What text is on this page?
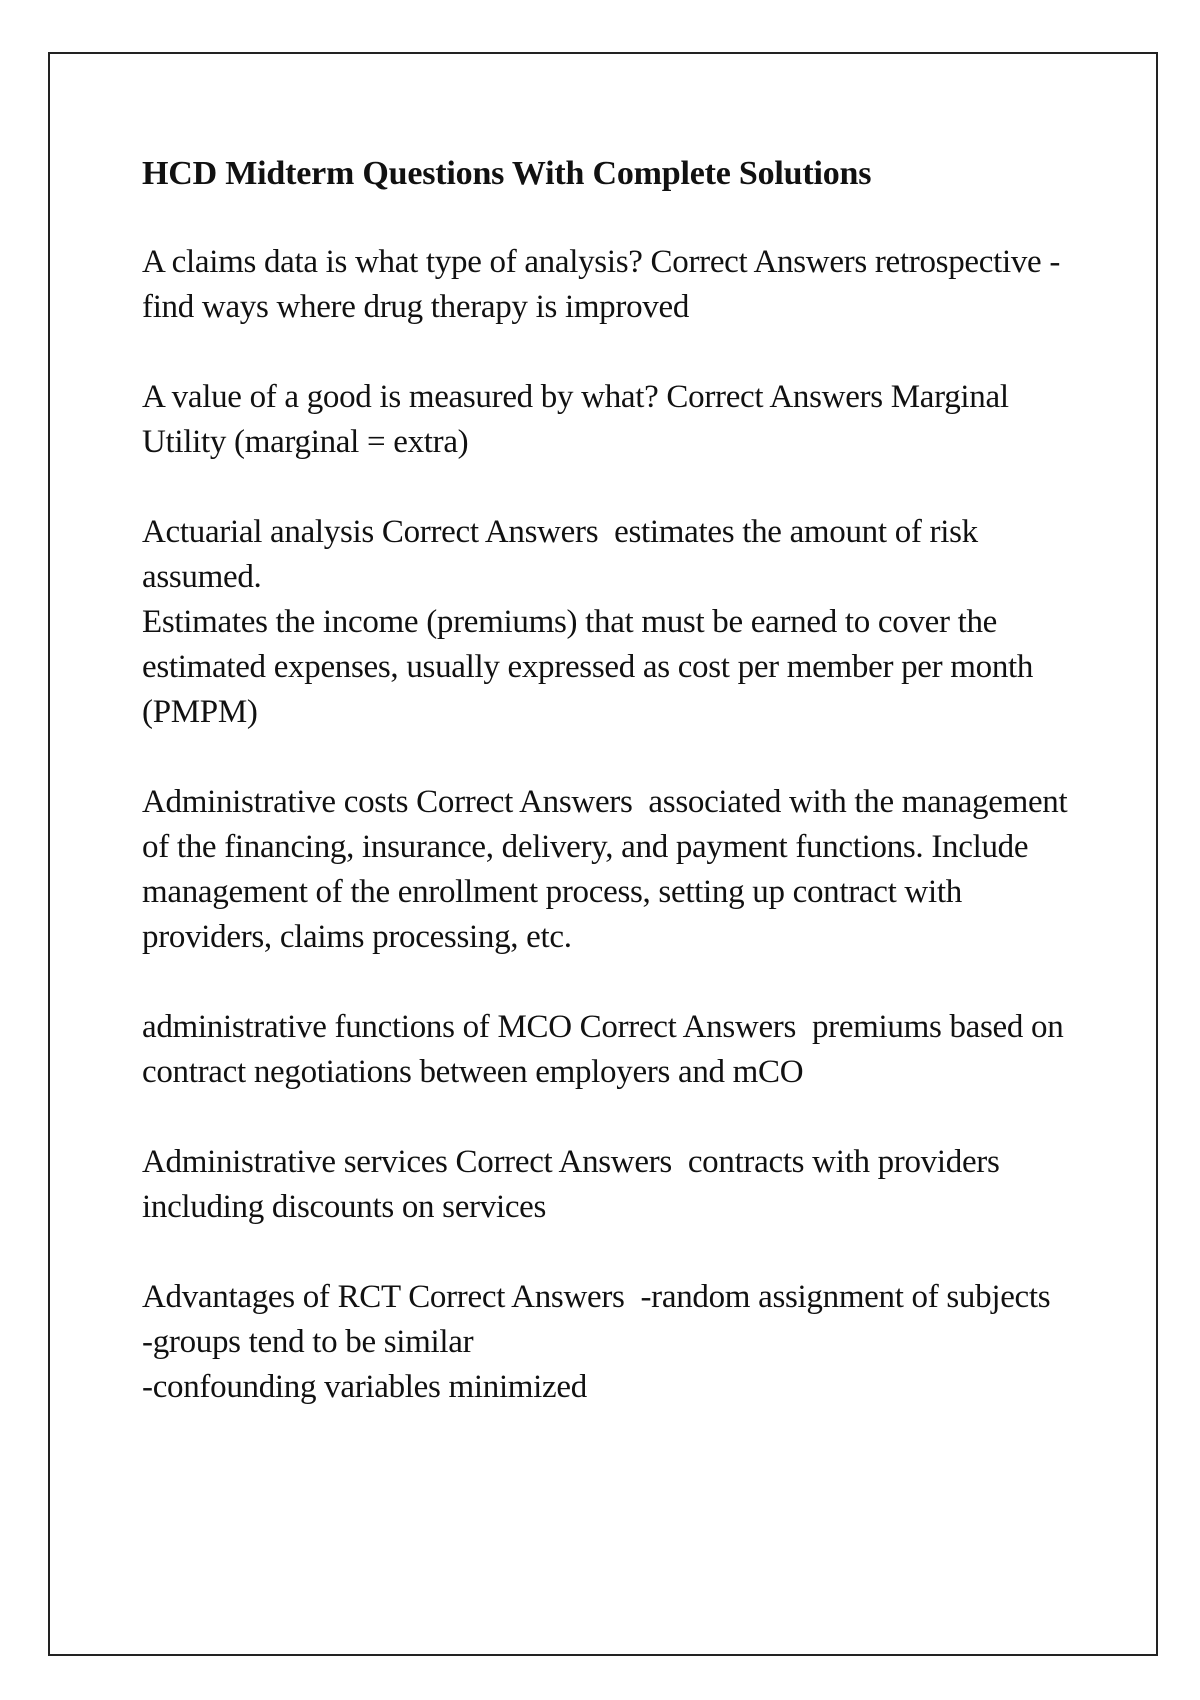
HCD Midterm Questions With Complete Solutions

A claims data is what type of analysis? Correct Answers retrospective - find ways where drug therapy is improved

A value of a good is measured by what? Correct Answers Marginal Utility (marginal = extra)

Actuarial analysis Correct Answers  estimates the amount of risk assumed.

Estimates the income (premiums) that must be earned to cover the estimated expenses, usually expressed as cost per member per month (PMPM)

Administrative costs Correct Answers  associated with the management of the financing, insurance, delivery, and payment functions. Include management of the enrollment process, setting up contract with providers, claims processing, etc.

administrative functions of MCO Correct Answers  premiums based on contract negotiations between employers and mCO

Administrative services Correct Answers  contracts with providers including discounts on services

Advantages of RCT Correct Answers  -random assignment of subjects

-groups tend to be similar

-confounding variables minimized
